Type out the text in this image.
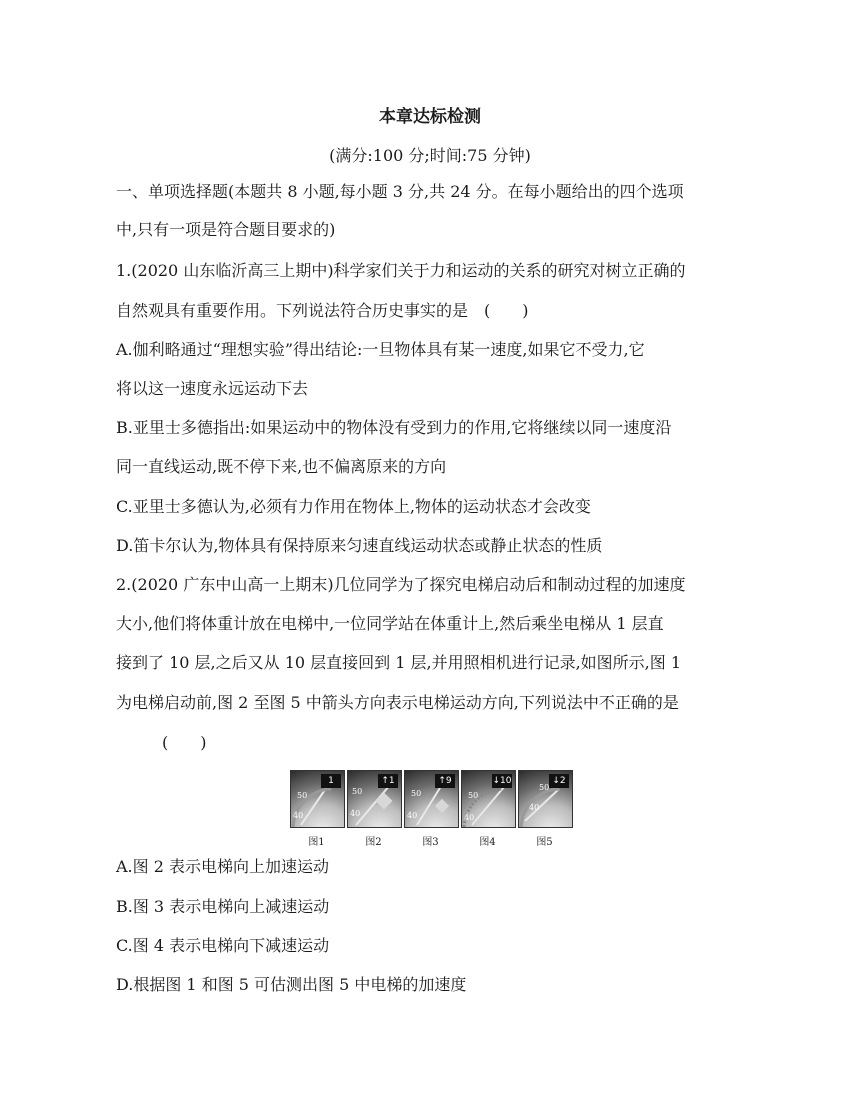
本章达标检测
(满分:100 分;时间:75 分钟)
一、单项选择题(本题共 8 小题,每小题 3 分,共 24 分。在每小题给出的四个选项
中,只有一项是符合题目要求的)
1.(2020 山东临沂高三上期中)科学家们关于力和运动的关系的研究对树立正确的
自然观具有重要作用。下列说法符合历史事实的是　(　　)
A.伽利略通过“理想实验”得出结论:一旦物体具有某一速度,如果它不受力,它
将以这一速度永远运动下去
B.亚里士多德指出:如果运动中的物体没有受到力的作用,它将继续以同一速度沿
同一直线运动,既不停下来,也不偏离原来的方向
C.亚里士多德认为,必须有力作用在物体上,物体的运动状态才会改变
D.笛卡尔认为,物体具有保持原来匀速直线运动状态或静止状态的性质
2.(2020 广东中山高一上期末)几位同学为了探究电梯启动后和制动过程的加速度
大小,他们将体重计放在电梯中,一位同学站在体重计上,然后乘坐电梯从 1 层直
接到了 10 层,之后又从 10 层直接回到 1 层,并用照相机进行记录,如图所示,图 1
为电梯启动前,图 2 至图 5 中箭头方向表示电梯运动方向,下列说法中不正确的是
(　　)
1
50
40
↑1
50
40
↑9
50
40
↓10
50
40
↓2
50
40
图1	图2	图3	图4	图5
A.图 2 表示电梯向上加速运动
B.图 3 表示电梯向上减速运动
C.图 4 表示电梯向下减速运动
D.根据图 1 和图 5 可估测出图 5 中电梯的加速度
